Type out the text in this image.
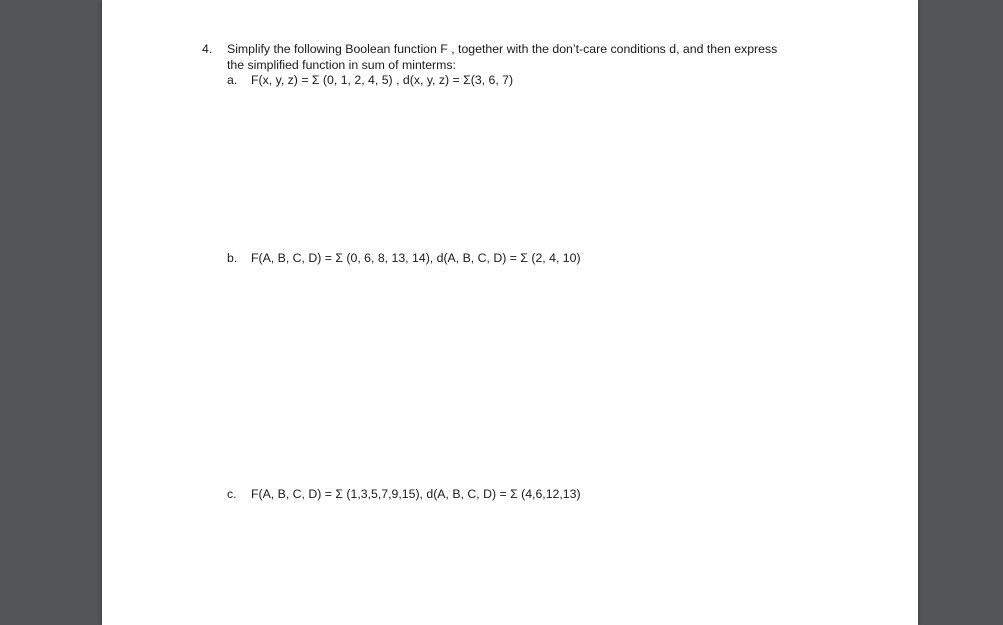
4. Simplify the following Boolean function F , together with the don’t-care conditions d, and then express
the simplified function in sum of minterms:
a. F(x, y, z) = Σ (0, 1, 2, 4, 5) , d(x, y, z) = Σ(3, 6, 7)
b. F(A, B, C, D) = Σ (0, 6, 8, 13, 14), d(A, B, C, D) = Σ (2, 4, 10)
c. F(A, B, C, D) = Σ (1,3,5,7,9,15), d(A, B, C, D) = Σ (4,6,12,13)
